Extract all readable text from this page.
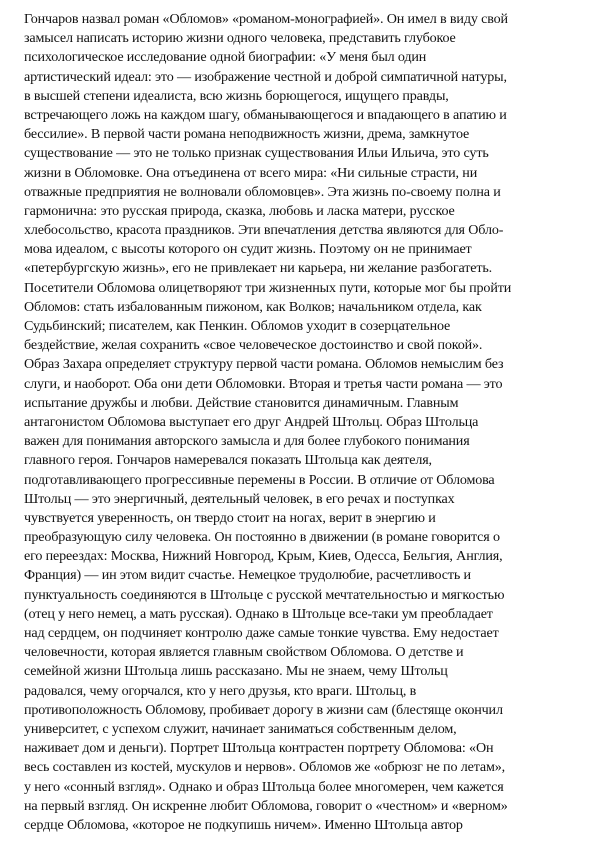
Гончаров назвал роман «Обломов» «романом-монографией». Он имел в виду свой
замысел написать историю жизни одного человека, представить глубокое
психологическое исследование одной биографии: «У меня был один
артистический идеал: это — изображение честной и доброй симпатичной натуры,
в высшей степени идеалиста, всю жизнь борющегося, ищущего правды,
встречающего ложь на каждом шагу, обманывающегося и впадающего в апатию и
бессилие». В первой части романа неподвижность жизни, дрема, замкнутое
существование — это не только признак существования Ильи Ильича, это суть
жизни в Обломовке. Она отъединена от всего мира: «Ни сильные страсти, ни
отважные предприятия не волновали обломовцев». Эта жизнь по-своему полна и
гармонична: это русская природа, сказка, любовь и ласка матери, русское
хлебосольство, красота праздников. Эти впечатления детства являются для Обло-
мова идеалом, с высоты которого он судит жизнь. Поэтому он не принимает
«петербургскую жизнь», его не привлекает ни карьера, ни желание разбогатеть.
Посетители Обломова олицетворяют три жизненных пути, которые мог бы пройти
Обломов: стать избалованным пижоном, как Волков; начальником отдела, как
Судьбинский; писателем, как Пенкин. Обломов уходит в созерцательное
бездействие, желая сохранить «свое человеческое достоинство и свой покой».
Образ Захара определяет структуру первой части романа. Обломов немыслим без
слуги, и наоборот. Оба они дети Обломовки. Вторая и третья части романа — это
испытание дружбы и любви. Действие становится динамичным. Главным
антагонистом Обломова выступает его друг Андрей Штольц. Образ Штольца
важен для понимания авторского замысла и для более глубокого понимания
главного героя. Гончаров намеревался показать Штольца как деятеля,
подготавливающего прогрессивные перемены в России. В отличие от Обломова
Штольц — это энергичный, деятельный человек, в его речах и поступках
чувствуется уверенность, он твердо стоит на ногах, верит в энергию и
преобразующую силу человека. Он постоянно в движении (в романе говорится о
его переездах: Москва, Нижний Новгород, Крым, Киев, Одесса, Бельгия, Англия,
Франция) — ин этом видит счастье. Немецкое трудолюбие, расчетливость и
пунктуальность соединяются в Штольце с русской мечтательностью и мягкостью
(отец у него немец, а мать русская). Однако в Штольце все-таки ум преобладает
над сердцем, он подчиняет контролю даже самые тонкие чувства. Ему недостает
человечности, которая является главным свойством Обломова. О детстве и
семейной жизни Штольца лишь рассказано. Мы не знаем, чему Штольц
радовался, чему огорчался, кто у него друзья, кто враги. Штольц, в
противоположность Обломову, пробивает дорогу в жизни сам (блестяще окончил
университет, с успехом служит, начинает заниматься собственным делом,
наживает дом и деньги). Портрет Штольца контрастен портрету Обломова: «Он
весь составлен из костей, мускулов и нервов». Обломов же «обрюзг не по летам»,
у него «сонный взгляд». Однако и образ Штольца более многомерен, чем кажется
на первый взгляд. Он искренне любит Обломова, говорит о «честном» и «верном»
сердце Обломова, «которое не подкупишь ничем». Именно Штольца автор
